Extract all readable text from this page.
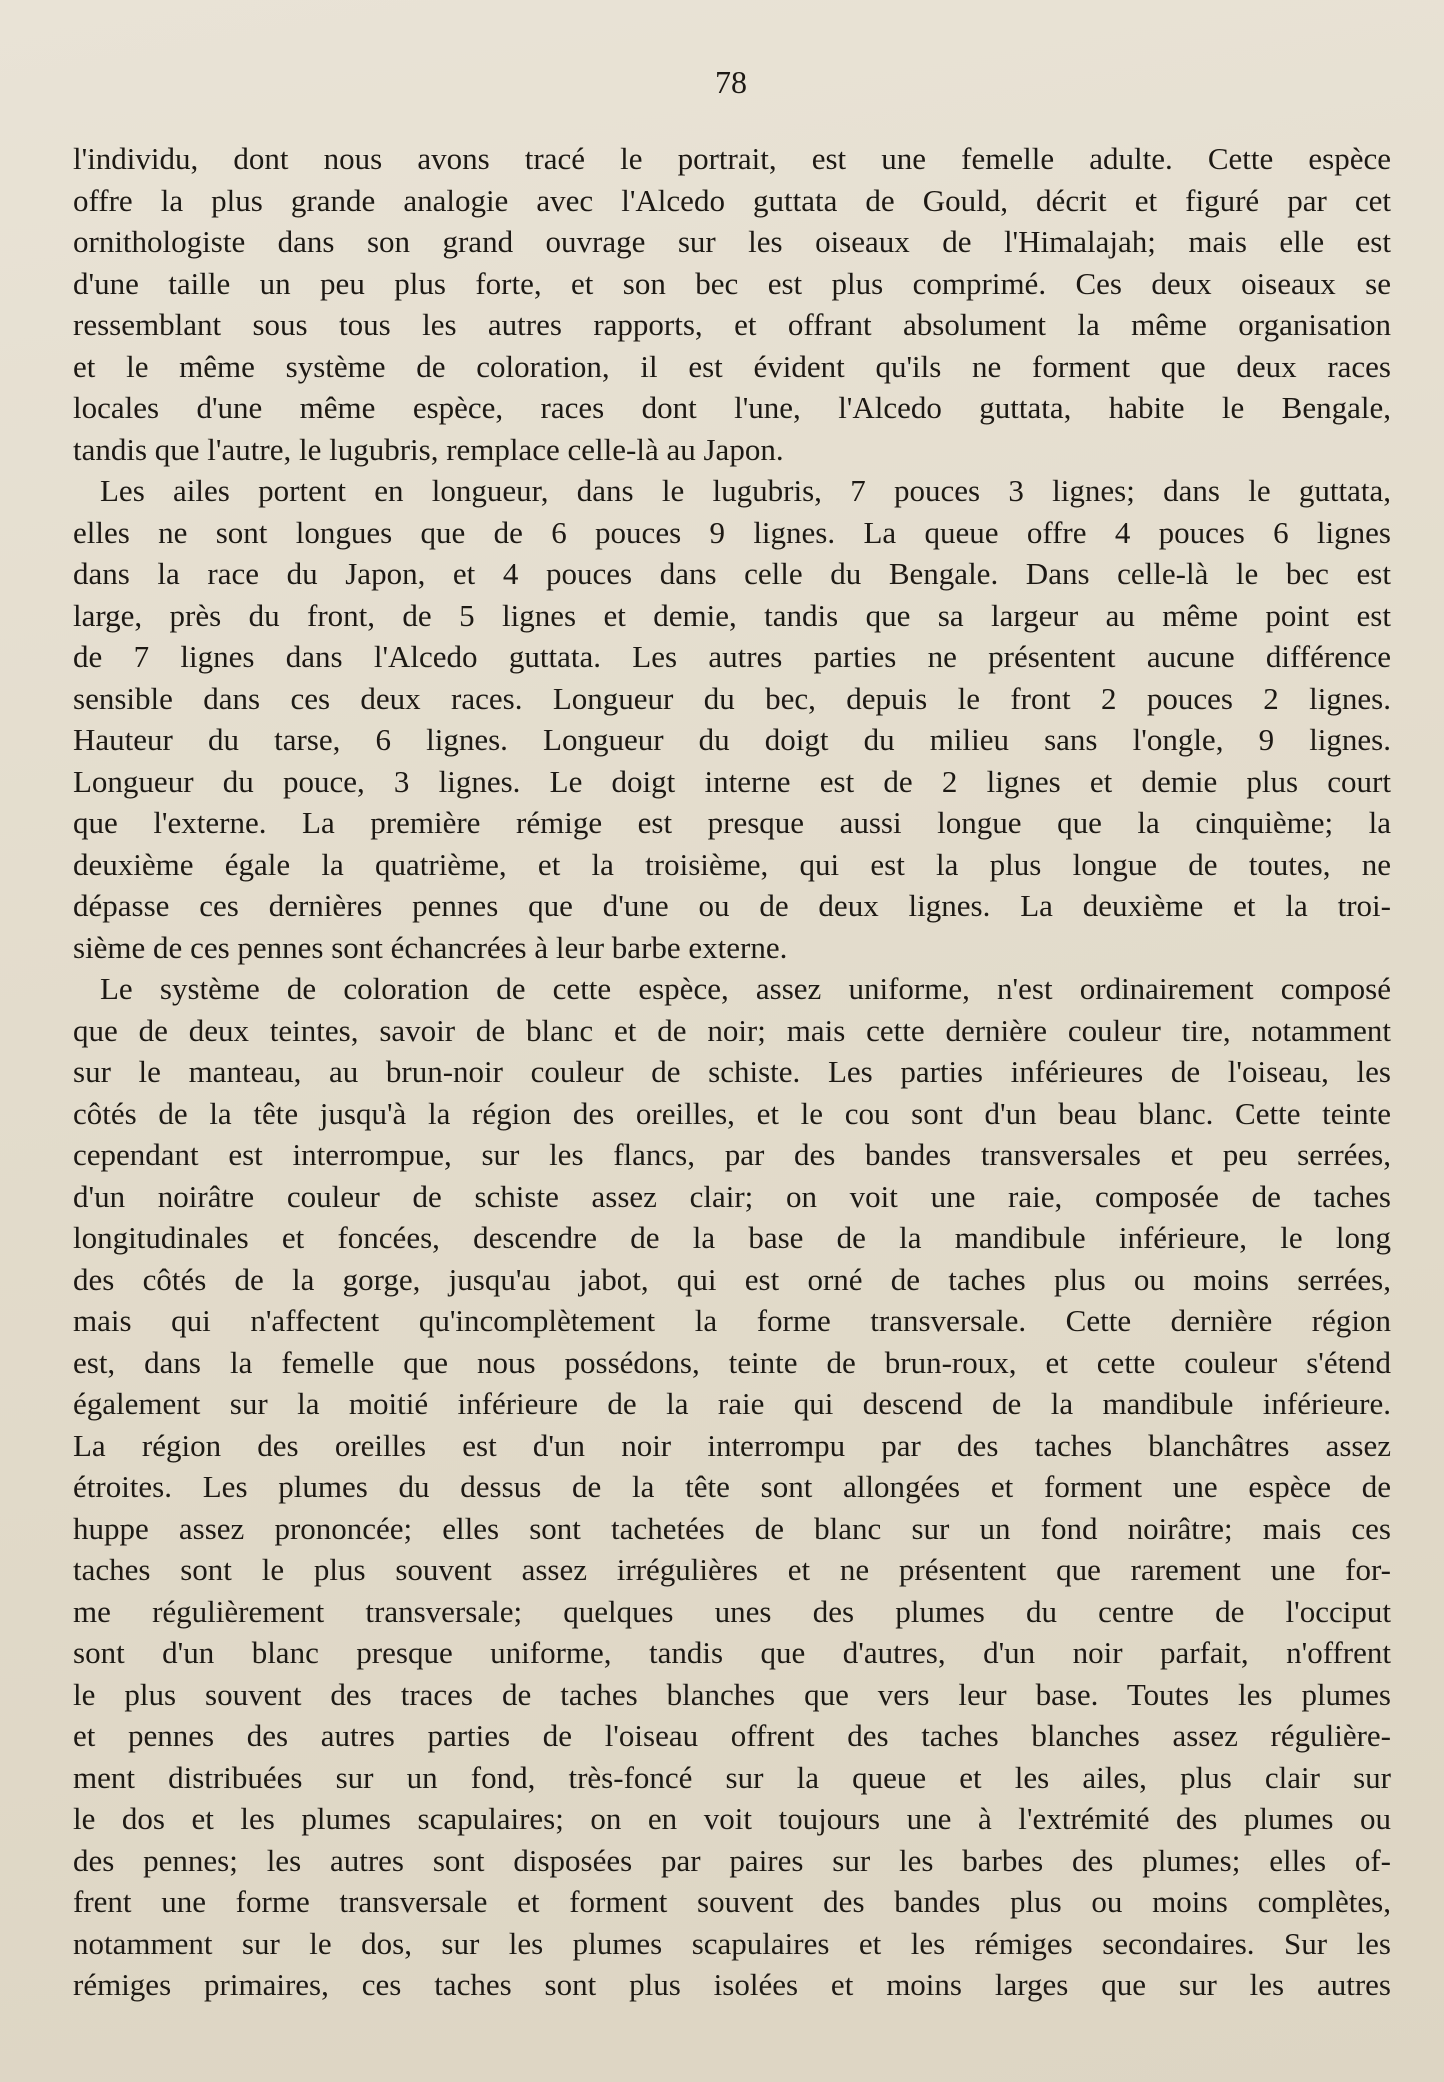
78
l'individu, dont nous avons tracé le portrait, est une femelle adulte. Cette espèce
offre la plus grande analogie avec l'Alcedo guttata de Gould, décrit et figuré par cet
ornithologiste dans son grand ouvrage sur les oiseaux de l'Himalajah; mais elle est
d'une taille un peu plus forte, et son bec est plus comprimé. Ces deux oiseaux se
ressemblant sous tous les autres rapports, et offrant absolument la même organisation
et le même système de coloration, il est évident qu'ils ne forment que deux races
locales d'une même espèce, races dont l'une, l'Alcedo guttata, habite le Bengale,
tandis que l'autre, le lugubris, remplace celle-là au Japon.
Les ailes portent en longueur, dans le lugubris, 7 pouces 3 lignes; dans le guttata,
elles ne sont longues que de 6 pouces 9 lignes. La queue offre 4 pouces 6 lignes
dans la race du Japon, et 4 pouces dans celle du Bengale. Dans celle-là le bec est
large, près du front, de 5 lignes et demie, tandis que sa largeur au même point est
de 7 lignes dans l'Alcedo guttata. Les autres parties ne présentent aucune différence
sensible dans ces deux races. Longueur du bec, depuis le front 2 pouces 2 lignes.
Hauteur du tarse, 6 lignes. Longueur du doigt du milieu sans l'ongle, 9 lignes.
Longueur du pouce, 3 lignes. Le doigt interne est de 2 lignes et demie plus court
que l'externe. La première rémige est presque aussi longue que la cinquième; la
deuxième égale la quatrième, et la troisième, qui est la plus longue de toutes, ne
dépasse ces dernières pennes que d'une ou de deux lignes. La deuxième et la troi-
sième de ces pennes sont échancrées à leur barbe externe.
Le système de coloration de cette espèce, assez uniforme, n'est ordinairement composé
que de deux teintes, savoir de blanc et de noir; mais cette dernière couleur tire, notamment
sur le manteau, au brun-noir couleur de schiste. Les parties inférieures de l'oiseau, les
côtés de la tête jusqu'à la région des oreilles, et le cou sont d'un beau blanc. Cette teinte
cependant est interrompue, sur les flancs, par des bandes transversales et peu serrées,
d'un noirâtre couleur de schiste assez clair; on voit une raie, composée de taches
longitudinales et foncées, descendre de la base de la mandibule inférieure, le long
des côtés de la gorge, jusqu'au jabot, qui est orné de taches plus ou moins serrées,
mais qui n'affectent qu'incomplètement la forme transversale. Cette dernière région
est, dans la femelle que nous possédons, teinte de brun-roux, et cette couleur s'étend
également sur la moitié inférieure de la raie qui descend de la mandibule inférieure.
La région des oreilles est d'un noir interrompu par des taches blanchâtres assez
étroites. Les plumes du dessus de la tête sont allongées et forment une espèce de
huppe assez prononcée; elles sont tachetées de blanc sur un fond noirâtre; mais ces
taches sont le plus souvent assez irrégulières et ne présentent que rarement une for-
me régulièrement transversale; quelques unes des plumes du centre de l'occiput
sont d'un blanc presque uniforme, tandis que d'autres, d'un noir parfait, n'offrent
le plus souvent des traces de taches blanches que vers leur base. Toutes les plumes
et pennes des autres parties de l'oiseau offrent des taches blanches assez régulière-
ment distribuées sur un fond, très-foncé sur la queue et les ailes, plus clair sur
le dos et les plumes scapulaires; on en voit toujours une à l'extrémité des plumes ou
des pennes; les autres sont disposées par paires sur les barbes des plumes; elles of-
frent une forme transversale et forment souvent des bandes plus ou moins complètes,
notamment sur le dos, sur les plumes scapulaires et les rémiges secondaires. Sur les
rémiges primaires, ces taches sont plus isolées et moins larges que sur les autres
